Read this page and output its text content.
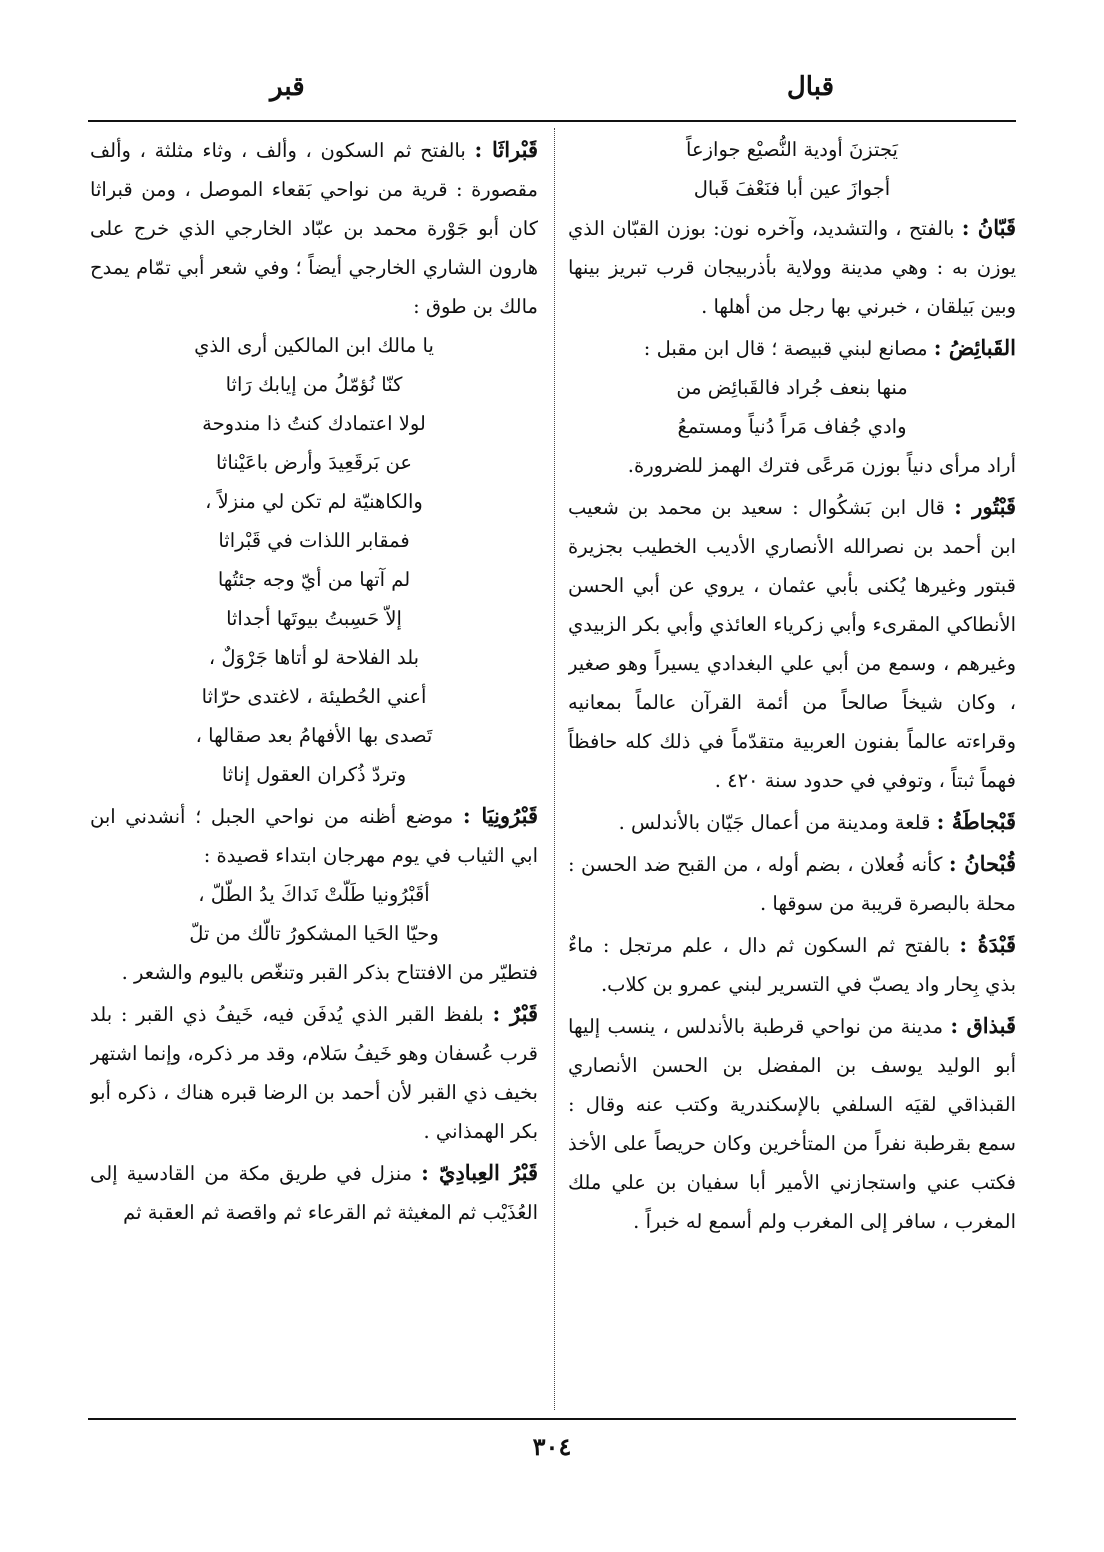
قبال
قبر
يَجتزنَ أودية النُّصيْع جوازعاً
أجوازَ عين أبا فنَعْفَ قَبال

قَبّانُ : بالفتح ، والتشديد، وآخره نون: بوزن القبّان الذي يوزن به : وهي مدينة وولاية بأذربيجان قرب تبريز بينها وبين بَيلقان ، خبرني بها رجل من أهلها .

القَبائِضُ : مصانع لبني قبيصة ؛ قال ابن مقبل :
منها بنعف جُراد فالقَبائِض من
وادي جُفاف مَراً دُنياً ومستمعُ
أراد مرأى دنياً بوزن مَرعًى فترك الهمز للضرورة.

قَبْتُور : قال ابن بَشكُوال : سعيد بن محمد بن شعيب ابن أحمد بن نصرالله الأنصاري الأديب الخطيب بجزيرة قبتور وغيرها يُكنى بأبي عثمان ، يروي عن أبي الحسن الأنطاكي المقرىء وأبي زكرياء العائذي وأبي بكر الزبيدي وغيرهم ، وسمع من أبي علي البغدادي يسيراً وهو صغير ، وكان شيخاً صالحاً من أئمة القرآن عالماً بمعانيه وقراءته عالماً بفنون العربية متقدّماً في ذلك كله حافظاً فهماً ثبتاً ، وتوفي في حدود سنة ٤٢٠ .

قَبْجاطَةُ : قلعة ومدينة من أعمال جَيّان بالأندلس .

قُبْحانُ : كأنه فُعلان ، بضم أوله ، من القبح ضد الحسن : محلة بالبصرة قريبة من سوقها .

قَبْدَةُ : بالفتح ثم السكون ثم دال ، علم مرتجل : ماءٌ بذي بِحار واد يصبّ في التسرير لبني عمرو بن كلاب.

قَبذاق : مدينة من نواحي قرطبة بالأندلس ، ينسب إليها أبو الوليد يوسف بن المفضل بن الحسن الأنصاري القبذاقي لقيَه السلفي بالإسكندرية وكتب عنه وقال : سمع بقرطبة نفراً من المتأخرين وكان حريصاً على الأخذ فكتب عني واستجازني الأمير أبا سفيان بن علي ملك المغرب ، سافر إلى المغرب ولم أسمع له خبراً .

قَبْراثَا : بالفتح ثم السكون ، وألف ، وثاء مثلثة ، وألف مقصورة : قرية من نواحي بَقعاء الموصل ، ومن قبراثا كان أبو جَوْرة محمد بن عبّاد الخارجي الذي خرج على هارون الشاري الخارجي أيضاً ؛ وفي شعر أبي تمّام يمدح مالك بن طوق :
يا مالك ابن المالكين أرى الذي
كنّا نُؤمّلُ من إيابك رَاثا
لولا اعتمادك كنتُ ذا مندوحة
عن بَرقَعِيدَ وأرض باعَيْناثا
والكاهنيّة لم تكن لي منزلاً ،
فمقابر اللذات في قَبْراثا
لم آتها من أيّ وجه جئتُها
إلاّ حَسِبتُ بيوتَها أجداثا
بلد الفلاحة لو أتاها جَرْوَلٌ ،
أعني الحُطيئة ، لاغتدى حرّاثا
تَصدى بها الأفهامُ بعد صقالها ،
وتردّ ذُكران العقول إناثا
قَبْرُونِيَا : موضع أظنه من نواحي الجبل ؛ أنشدني ابن ابي الثياب في يوم مهرجان ابتداء قصيدة :
أقَبْرُونيا طَلّتْ نَداكَ يدُ الطّلّ ،
وحيّا الحَيا المشكورُ تالّك من تلّ
فتطيّر من الافتتاح بذكر القبر وتنغّص باليوم والشعر .

قَبْرٌ : بلفظ القبر الذي يُدفَن فيه، خَيفُ ذي القبر : بلد قرب عُسفان وهو خَيفُ سَلام، وقد مر ذكره، وإنما اشتهر بخيف ذي القبر لأن أحمد بن الرضا قبره هناك ، ذكره أبو بكر الهمذاني .

قَبْرُ العِبادِيّ : منزل في طريق مكة من القادسية إلى العُذَيْب ثم المغيثة ثم القرعاء ثم واقصة ثم العقبة ثم

٣٠٤
